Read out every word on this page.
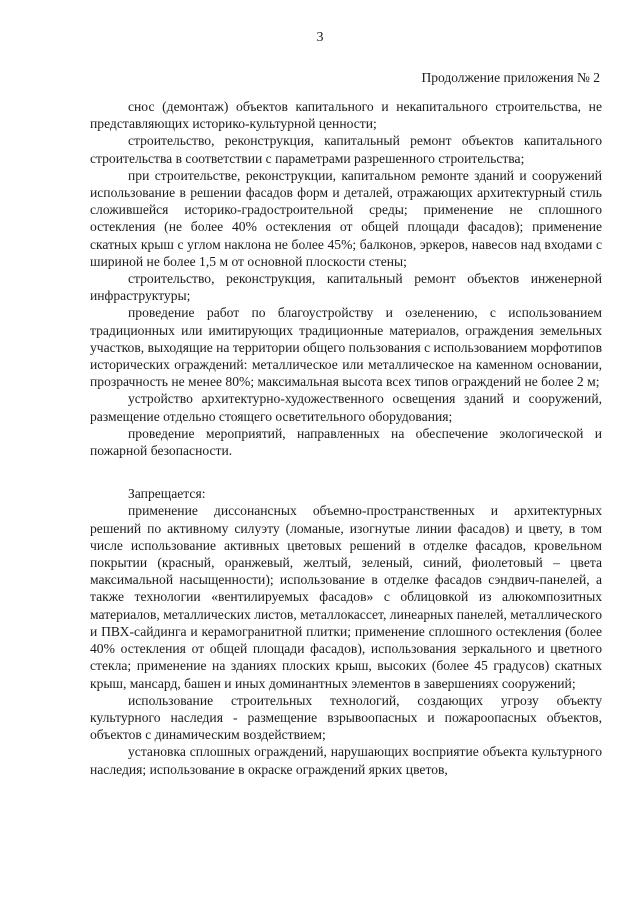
3
Продолжение приложения № 2

снос (демонтаж) объектов капитального и некапитального строительства, не представляющих историко-культурной ценности;

строительство, реконструкция, капитальный ремонт объектов капитального строительства в соответствии с параметрами разрешенного строительства;

при строительстве, реконструкции, капитальном ремонте зданий и сооружений использование в решении фасадов форм и деталей, отражающих архитектурный стиль сложившейся историко-градостроительной среды; применение не сплошного остекления (не более 40% остекления от общей площади фасадов); применение скатных крыш с углом наклона не более 45%; балконов, эркеров, навесов над входами с шириной не более 1,5 м от основной плоскости стены;

строительство, реконструкция, капитальный ремонт объектов инженерной инфраструктуры;

проведение работ по благоустройству и озеленению, с использованием традиционных или имитирующих традиционные материалов, ограждения земельных участков, выходящие на территории общего пользования с использованием морфотипов исторических ограждений: металлическое или металлическое на каменном основании, прозрачность не менее 80%; максимальная высота всех типов ограждений не более 2 м;

устройство архитектурно-художественного освещения зданий и сооружений, размещение отдельно стоящего осветительного оборудования;

проведение мероприятий, направленных на обеспечение экологической и пожарной безопасности.

Запрещается:

применение диссонансных объемно-пространственных и архитектурных решений по активному силуэту (ломаные, изогнутые линии фасадов) и цвету, в том числе использование активных цветовых решений в отделке фасадов, кровельном покрытии (красный, оранжевый, желтый, зеленый, синий, фиолетовый – цвета максимальной насыщенности); использование в отделке фасадов сэндвич-панелей, а также технологии «вентилируемых фасадов» с облицовкой из алюкомпозитных материалов, металлических листов, металлокассет, линеарных панелей, металлического и ПВХ-сайдинга и керамогранитной плитки; применение сплошного остекления (более 40% остекления от общей площади фасадов), использования зеркального и цветного стекла; применение на зданиях плоских крыш, высоких (более 45 градусов) скатных крыш, мансард, башен и иных доминантных элементов в завершениях сооружений;

использование строительных технологий, создающих угрозу объекту культурного наследия - размещение взрывоопасных и пожароопасных объектов, объектов с динамическим воздействием;

установка сплошных ограждений, нарушающих восприятие объекта культурного наследия; использование в окраске ограждений ярких цветов,
